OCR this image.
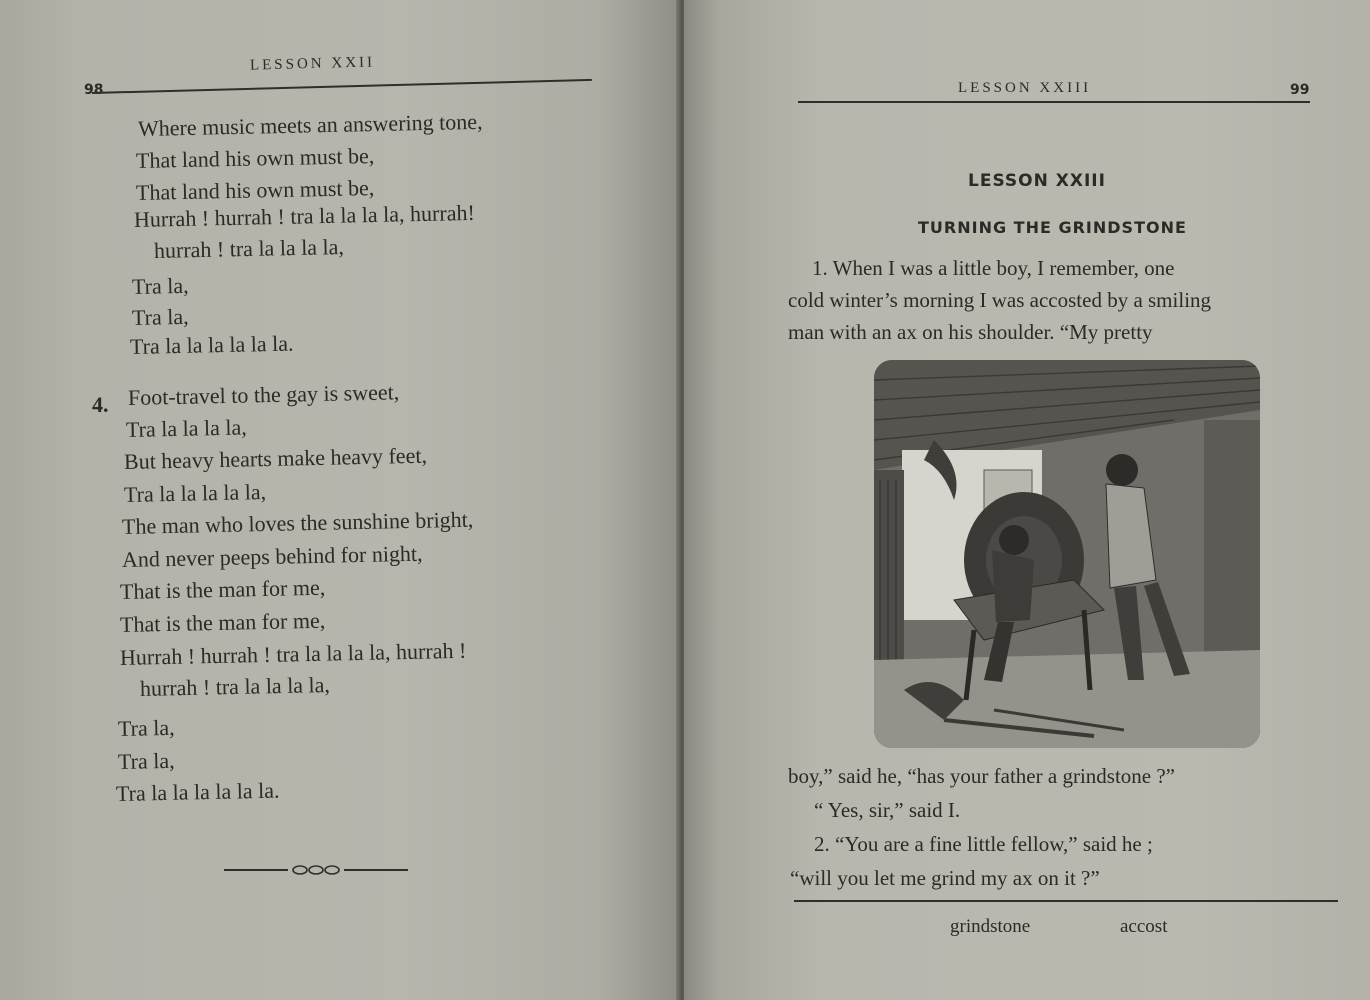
98
LESSON XXII
Where music meets an answering tone,
That land his own must be,
That land his own must be,
Hurrah ! hurrah ! tra la la la la, hurrah!
hurrah ! tra la la la la,
Tra la,
Tra la,
Tra la la la la la la.
4. Foot-travel to the gay is sweet,
Tra la la la la,
But heavy hearts make heavy feet,
Tra la la la la la,
The man who loves the sunshine bright,
And never peeps behind for night,
That is the man for me,
That is the man for me,
Hurrah ! hurrah ! tra la la la la, hurrah !
hurrah ! tra la la la la,
Tra la,
Tra la,
Tra la la la la la la.
LESSON XXIII	99
LESSON XXIII
TURNING THE GRINDSTONE
1. When I was a little boy, I remember, one
cold winter’s morning I was accosted by a smiling
man with an ax on his shoulder. “My pretty
boy,” said he, “has your father a grindstone ?”
“ Yes, sir,” said I.
2. “You are a fine little fellow,” said he ;
“will you let me grind my ax on it ?”
grindstone	accost
